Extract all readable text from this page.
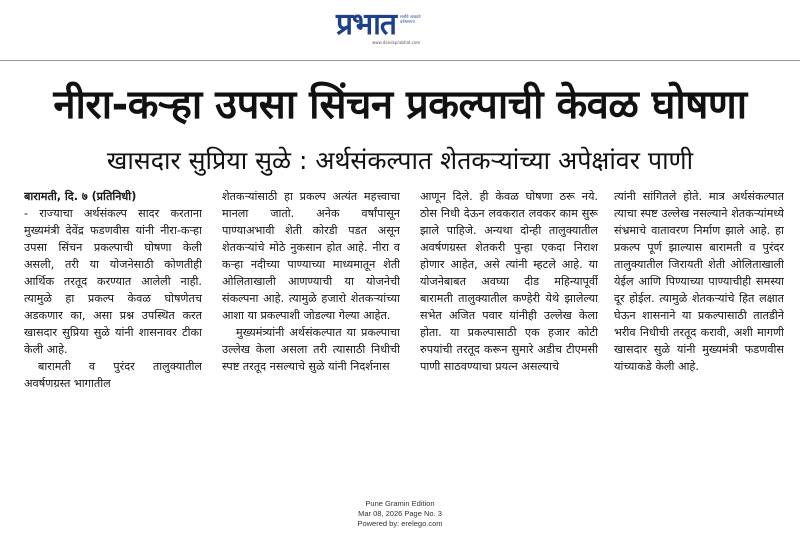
प्रभात सर्वांचे आवडते वर्तमानपत्र
www.dainikprabhat.com
नीरा-कऱ्हा उपसा सिंचन प्रकल्पाची केवळ घोषणा
खासदार सुप्रिया सुळे : अर्थसंकल्पात शेतकऱ्यांच्या अपेक्षांवर पाणी

बारामती, दि. ७ (प्रतिनिधी)

- राज्याचा अर्थसंकल्प सादर करताना मुख्यमंत्री देवेंद्र फडणवीस यांनी नीरा-कऱ्हा उपसा सिंचन प्रकल्पाची घोषणा केली असली, तरी या योजनेसाठी कोणतीही आर्थिक तरतूद करण्यात आलेली नाही. त्यामुळे हा प्रकल्प केवळ घोषणेतच अडकणार का, असा प्रश्न उपस्थित करत खासदार सुप्रिया सुळे यांनी शासनावर टीका केली आहे.

बारामती व पुरंदर तालुक्यातील अवर्षणग्रस्त भागातील

शेतकऱ्यांसाठी हा प्रकल्प अत्यंत महत्त्वाचा मानला जातो. अनेक वर्षांपासून पाण्याअभावी शेती कोरडी पडत असून शेतकऱ्यांचे मोठे नुकसान होत आहे. नीरा व कऱ्हा नदीच्या पाण्याच्या माध्यमातून शेती ओलिताखाली आणण्याची या योजनेची संकल्पना आहे. त्यामुळे हजारो शेतकऱ्यांच्या आशा या प्रकल्पाशी जोडल्या गेल्या आहेत.

मुख्यमंत्र्यांनी अर्थसंकल्पात या प्रकल्पाचा उल्लेख केला असला तरी त्यासाठी निधीची स्पष्ट तरतूद नसल्याचे सुळे यांनी निदर्शनास

आणून दिले. ही केवळ घोषणा ठरू नये. ठोस निधी देऊन लवकरात लवकर काम सुरू झाले पाहिजे. अन्यथा दोन्ही तालुक्यातील अवर्षणग्रस्त शेतकरी पुन्हा एकदा निराश होणार आहेत, असे त्यांनी म्हटले आहे. या योजनेबाबत अवघ्या दीड महिन्यापूर्वी बारामती तालुक्यातील कण्हेरी येथे झालेल्या सभेत अजित पवार यांनीही उल्लेख केला होता. या प्रकल्पासाठी एक हजार कोटी रुपयांची तरतूद करून सुमारे अडीच टीएमसी पाणी साठवण्याचा प्रयत्न असल्याचे

त्यांनी सांगितले होते. मात्र अर्थसंकल्पात त्याचा स्पष्ट उल्लेख नसल्याने शेतकऱ्यांमध्ये संभ्रमाचे वातावरण निर्माण झाले आहे. हा प्रकल्प पूर्ण झाल्यास बारामती व पुरंदर तालुक्यातील जिरायती शेती ओलिताखाली येईल आणि पिण्याच्या पाण्याचीही समस्या दूर होईल. त्यामुळे शेतकऱ्यांचे हित लक्षात घेऊन शासनाने या प्रकल्पासाठी तातडीने भरीव निधीची तरतूद करावी, अशी मागणी खासदार सुळे यांनी मुख्यमंत्री फडणवीस यांच्याकडे केली आहे.

Pune Gramin Edition
Mar 08, 2026 Page No. 3
Powered by: erelego.com
